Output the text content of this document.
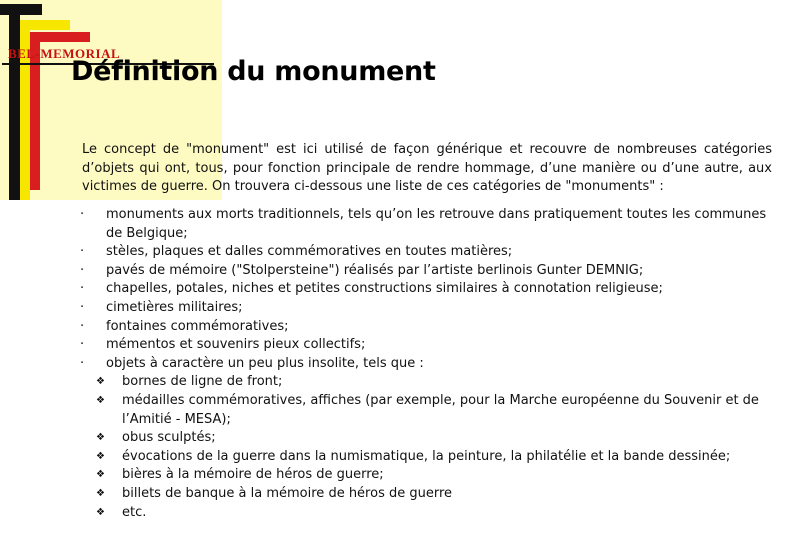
BEL-MEMORIAL
Définition du monument

Le concept de "monument" est ici utilisé de façon générique et recouvre de nombreuses catégories d’objets qui ont, tous, pour fonction principale de rendre hommage, d’une manière ou d’une autre, aux victimes de guerre. On trouvera ci-dessous une liste de ces catégories de "monuments" :

· monuments aux morts traditionnels, tels qu’on les retrouve dans pratiquement toutes les communes de Belgique;
· stèles, plaques et dalles commémoratives en toutes matières;
· pavés de mémoire ("Stolpersteine") réalisés par l’artiste berlinois Gunter DEMNIG;
· chapelles, potales, niches et petites constructions similaires à connotation religieuse;
· cimetières militaires;
· fontaines commémoratives;
· mémentos et souvenirs pieux collectifs;
· objets à caractère un peu plus insolite, tels que :
❖ bornes de ligne de front;
❖ médailles commémoratives, affiches (par exemple, pour la Marche européenne du Souvenir et de l’Amitié - MESA);
❖ obus sculptés;
❖ évocations de la guerre dans la numismatique, la peinture, la philatélie et la bande dessinée;
❖ bières à la mémoire de héros de guerre;
❖ billets de banque à la mémoire de héros de guerre
❖ etc.
